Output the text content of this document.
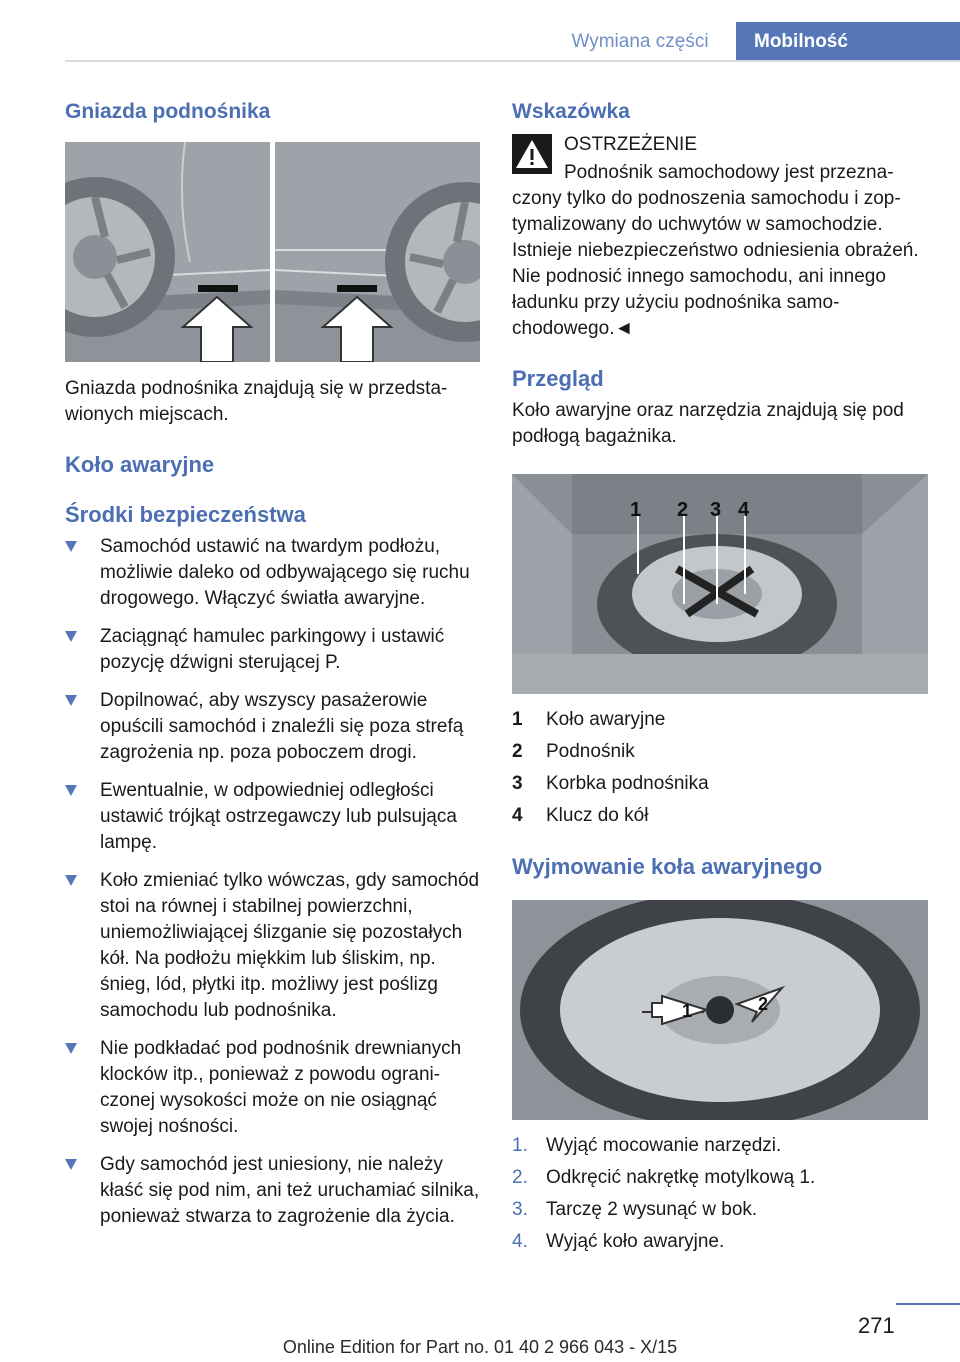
Wymiana części	Mobilność
Gniazda podnośnika

Gniazda podnośnika znajdują się w przedstawionych miejscach.

Koło awaryjne
Środki bezpieczeństwa
Samochód ustawić na twardym podłożu, możliwie daleko od odbywającego się ruchu drogowego. Włączyć światła awaryjne.
Zaciągnąć hamulec parkingowy i ustawić pozycję dźwigni sterującej P.
Dopilnować, aby wszyscy pasażerowie opuścili samochód i znaleźli się poza strefą zagrożenia np. poza poboczem drogi.
Ewentualnie, w odpowiedniej odległości ustawić trójkąt ostrzegawczy lub pulsująca lampę.
Koło zmieniać tylko wówczas, gdy samochód stoi na równej i stabilnej powierzchni, uniemożliwiającej ślizganie się pozostałych kół. Na podłożu miękkim lub śliskim, np. śnieg, lód, płytki itp. możliwy jest poślizg samochodu lub podnośnika.
Nie podkładać pod podnośnik drewnianych klocków itp., ponieważ z powodu ograniczonej wysokości może on nie osiągnąć swojej nośności.
Gdy samochód jest uniesiony, nie należy kłaść się pod nim, ani też uruchamiać silnika, ponieważ stwarza to zagrożenie dla życia.
Wskazówka

OSTRZEŻENIE

Podnośnik samochodowy jest przeznaczony tylko do podnoszenia samochodu i zoptymalizowany do uchwytów w samochodzie. Istnieje niebezpieczeństwo odniesienia obrażeń. Nie podnosić innego samochodu, ani innego ładunku przy użyciu podnośnika samochodowego.◄

Przegląd

Koło awaryjne oraz narzędzia znajdują się pod podłogą bagażnika.

1 2 3 4
1	Koło awaryjne
2	Podnośnik
3	Korbka podnośnika
4	Klucz do kół
Wyjmowanie koła awaryjnego
1	2
1. Wyjąć mocowanie narzędzi.
2. Odkręcić nakrętkę motylkową 1.
3. Tarczę 2 wysunąć w bok.
4. Wyjąć koło awaryjne.
271
Online Edition for Part no. 01 40 2 966 043 - X/15
